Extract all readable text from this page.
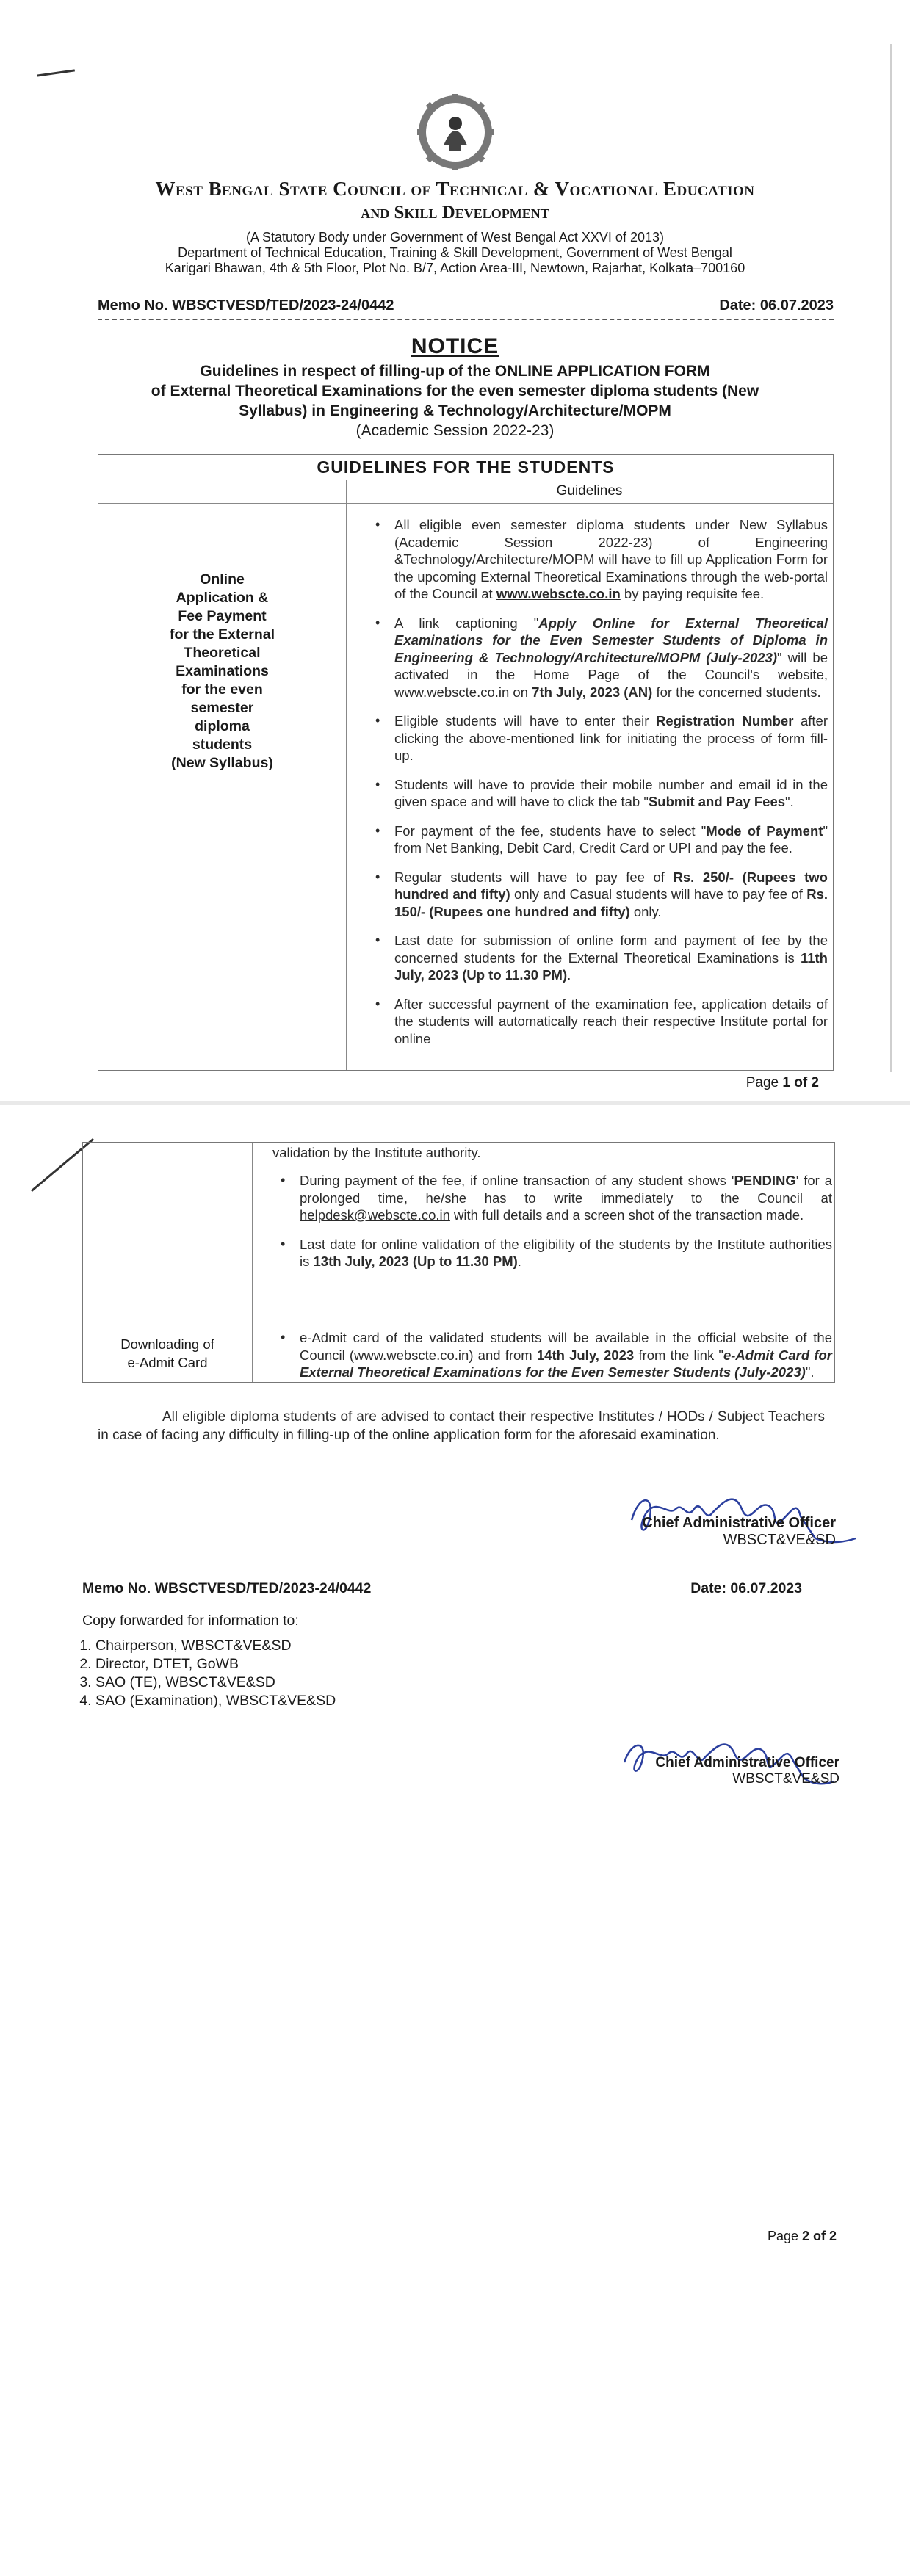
West Bengal State Council of Technical & Vocational Education
and Skill Development
(A Statutory Body under Government of West Bengal Act XXVI of 2013)
Department of Technical Education, Training & Skill Development, Government of West Bengal
Karigari Bhawan, 4th & 5th Floor, Plot No. B/7, Action Area-III, Newtown, Rajarhat, Kolkata–700160
Memo No. WBSCTVESD/TED/2023-24/0442	Date: 06.07.2023
NOTICE
Guidelines in respect of filling-up of the ONLINE APPLICATION FORM
of External Theoretical Examinations for the even semester diploma students (New
Syllabus) in Engineering & Technology/Architecture/MOPM
(Academic Session 2022-23)
GUIDELINES FOR THE STUDENTS
Guidelines
Online
Application &
Fee Payment
for the External
Theoretical
Examinations
for the even
semester
diploma
students
(New Syllabus)
• All eligible even semester diploma students under New Syllabus (Academic Session 2022-23) of Engineering &Technology/Architecture/MOPM will have to fill up Application Form for the upcoming External Theoretical Examinations through the web-portal of the Council at www.webscte.co.in by paying requisite fee.
• A link captioning "Apply Online for External Theoretical Examinations for the Even Semester Students of Diploma in Engineering & Technology/Architecture/MOPM (July-2023)" will be activated in the Home Page of the Council's website, www.webscte.co.in on 7th July, 2023 (AN) for the concerned students.
• Eligible students will have to enter their Registration Number after clicking the above-mentioned link for initiating the process of form fill-up.
• Students will have to provide their mobile number and email id in the given space and will have to click the tab "Submit and Pay Fees".
• For payment of the fee, students have to select "Mode of Payment" from Net Banking, Debit Card, Credit Card or UPI and pay the fee.
• Regular students will have to pay fee of Rs. 250/- (Rupees two hundred and fifty) only and Casual students will have to pay fee of Rs. 150/- (Rupees one hundred and fifty) only.
• Last date for submission of online form and payment of fee by the concerned students for the External Theoretical Examinations is 11th July, 2023 (Up to 11.30 PM).
• After successful payment of the examination fee, application details of the students will automatically reach their respective Institute portal for online
Page 1 of 2
validation by the Institute authority.
• During payment of the fee, if online transaction of any student shows 'PENDING' for a prolonged time, he/she has to write immediately to the Council at helpdesk@webscte.co.in with full details and a screen shot of the transaction made.
• Last date for online validation of the eligibility of the students by the Institute authorities is 13th July, 2023 (Up to 11.30 PM).
Downloading of
e-Admit Card
• e-Admit card of the validated students will be available in the official website of the Council (www.webscte.co.in) and from 14th July, 2023 from the link "e-Admit Card for External Theoretical Examinations for the Even Semester Students (July-2023)".
All eligible diploma students of are advised to contact their respective Institutes / HODs / Subject Teachers in case of facing any difficulty in filling-up of the online application form for the aforesaid examination.
Chief Administrative Officer
WBSCT&VE&SD
Memo No. WBSCTVESD/TED/2023-24/0442	Date: 06.07.2023
Copy forwarded for information to:
1. Chairperson, WBSCT&VE&SD
2. Director, DTET, GoWB
3. SAO (TE), WBSCT&VE&SD
4. SAO (Examination), WBSCT&VE&SD
Chief Administrative Officer
WBSCT&VE&SD
Page 2 of 2
